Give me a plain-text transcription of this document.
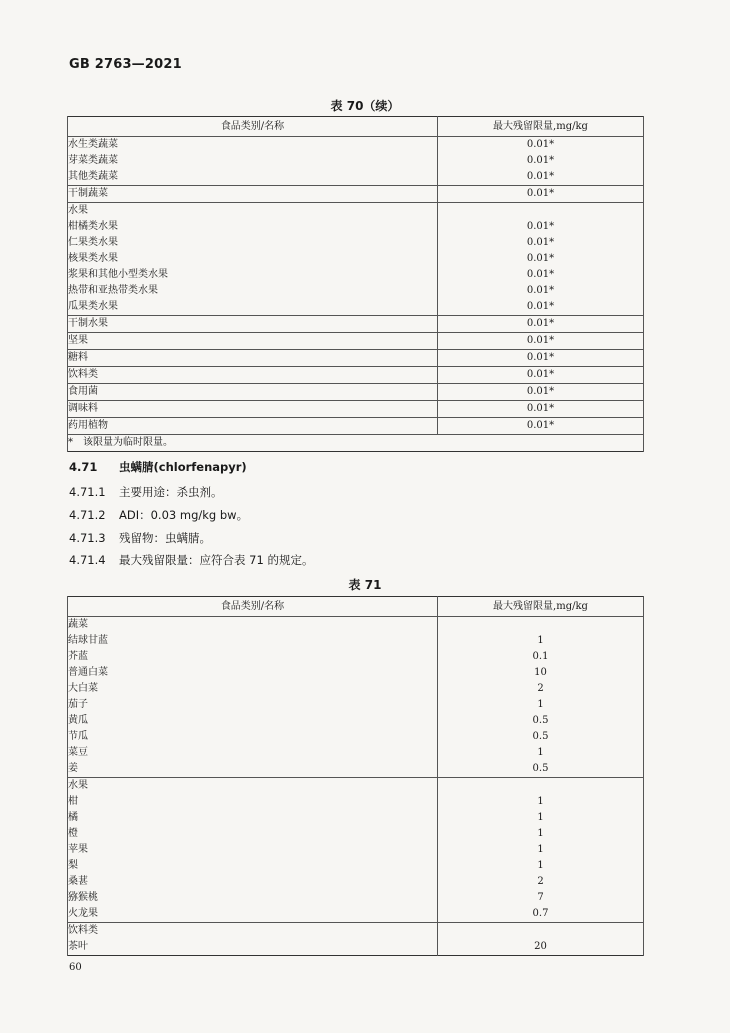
GB 2763—2021
表 70（续）
食品类别/名称	最大残留限量,mg/kg
水生类蔬菜	0.01*
芽菜类蔬菜	0.01*
其他类蔬菜	0.01*
干制蔬菜	0.01*
水果	
柑橘类水果	0.01*
仁果类水果	0.01*
核果类水果	0.01*
浆果和其他小型类水果	0.01*
热带和亚热带类水果	0.01*
瓜果类水果	0.01*
干制水果	0.01*
坚果	0.01*
糖料	0.01*
饮料类	0.01*
食用菌	0.01*
调味料	0.01*
药用植物	0.01*
*　该限量为临时限量。	
4.71 虫螨腈(chlorfenapyr)
4.71.1 主要用途：杀虫剂。
4.71.2 ADI：0.03 mg/kg bw。
4.71.3 残留物：虫螨腈。
4.71.4 最大残留限量：应符合表 71 的规定。
表 71
食品类别/名称	最大残留限量,mg/kg
蔬菜	
结球甘蓝	1
芥蓝	0.1
普通白菜	10
大白菜	2
茄子	1
黄瓜	0.5
节瓜	0.5
菜豆	1
姜	0.5
水果	
柑	1
橘	1
橙	1
苹果	1
梨	1
桑葚	2
猕猴桃	7
火龙果	0.7
饮料类	
茶叶	20
60
